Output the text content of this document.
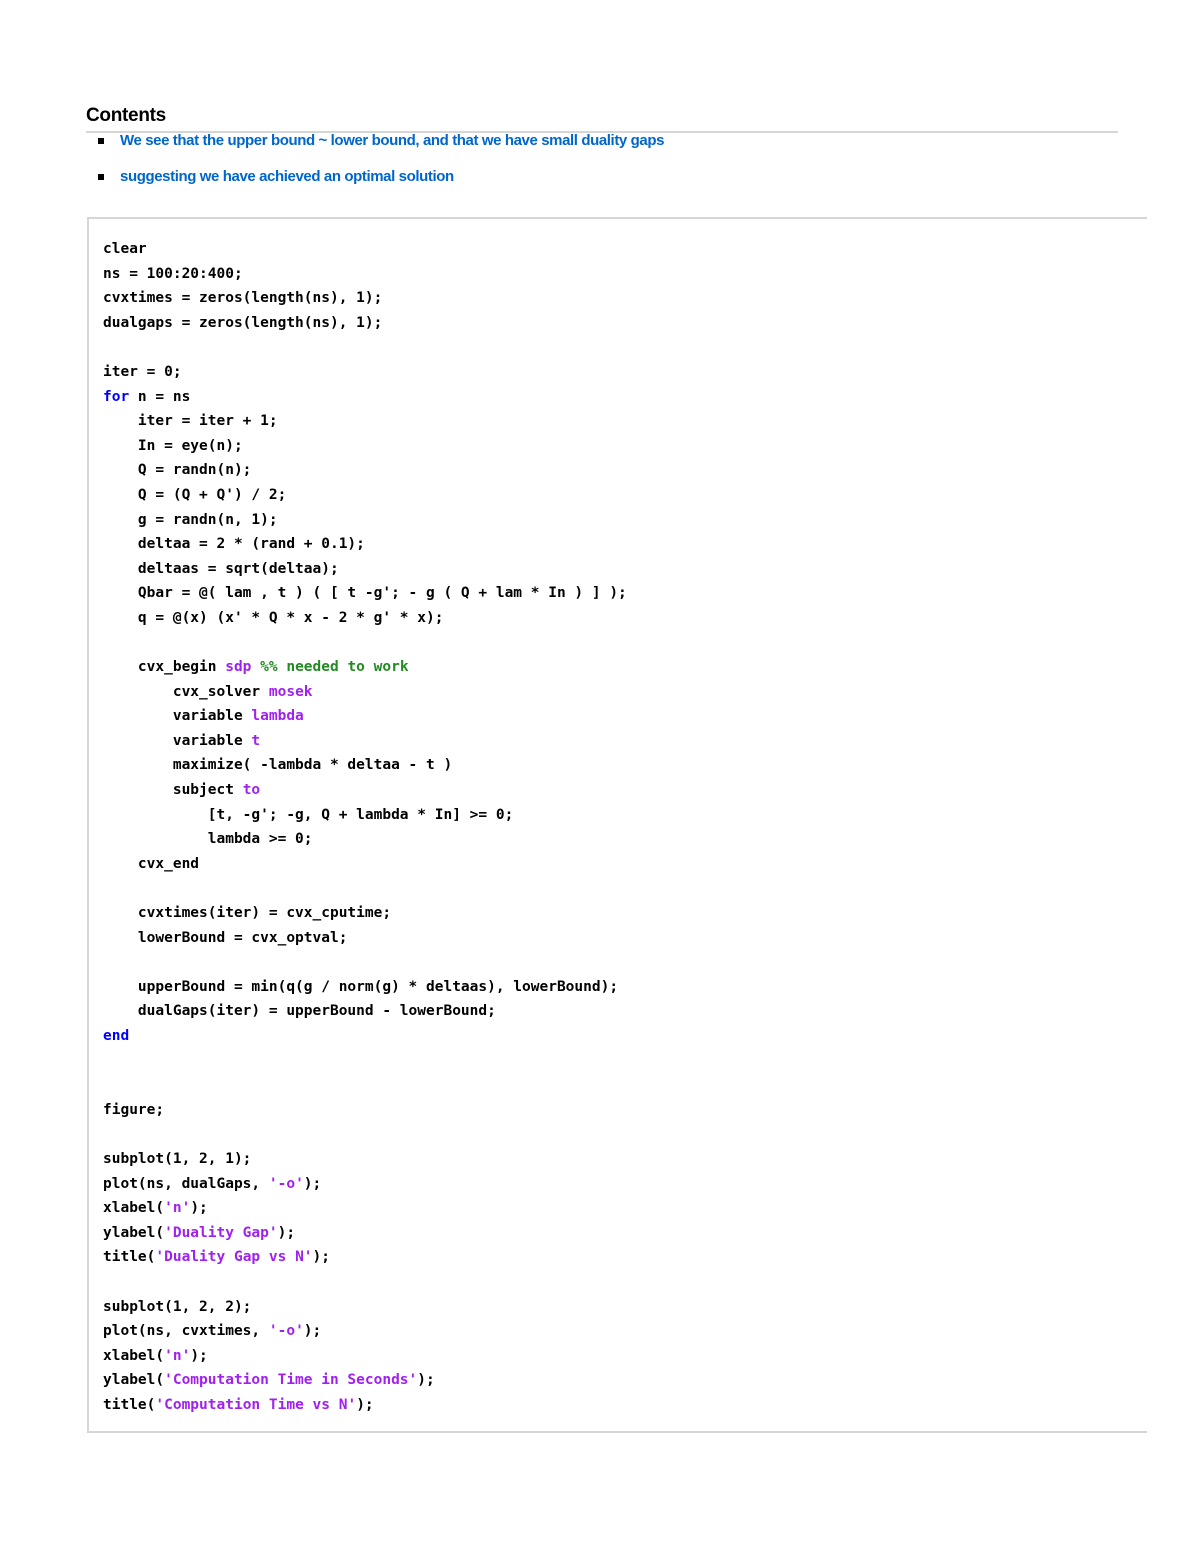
Contents
We see that the upper bound ~ lower bound, and that we have small duality gaps
suggesting we have achieved an optimal solution
clear
ns = 100:20:400;
cvxtimes = zeros(length(ns), 1);
dualgaps = zeros(length(ns), 1);

iter = 0;
for n = ns
iter = iter + 1;
In = eye(n);
Q = randn(n);
Q = (Q + Q') / 2;
g = randn(n, 1);
deltaa = 2 * (rand + 0.1);
deltaas = sqrt(deltaa);
Qbar = @( lam , t ) ( [ t -g'; - g ( Q + lam * In ) ] );
q = @(x) (x' * Q * x - 2 * g' * x);

cvx_begin sdp %% needed to work
cvx_solver mosek
variable lambda
variable t
maximize( -lambda * deltaa - t )
subject to
[t, -g'; -g, Q + lambda * In] >= 0;
lambda >= 0;
cvx_end

cvxtimes(iter) = cvx_cputime;
lowerBound = cvx_optval;

upperBound = min(q(g / norm(g) * deltaas), lowerBound);
dualGaps(iter) = upperBound - lowerBound;
end

figure;

subplot(1, 2, 1);
plot(ns, dualGaps, '-o');
xlabel('n');
ylabel('Duality Gap');
title('Duality Gap vs N');

subplot(1, 2, 2);
plot(ns, cvxtimes, '-o');
xlabel('n');
ylabel('Computation Time in Seconds');
title('Computation Time vs N');
